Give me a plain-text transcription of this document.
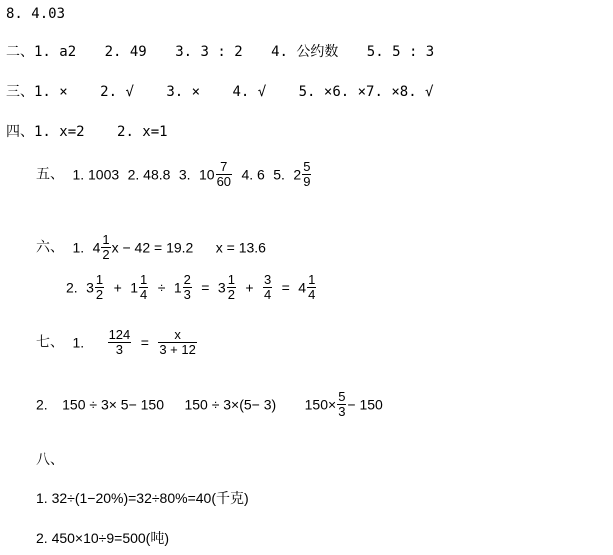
8. 4.03
二、1. a2 2. 49 3. 3 : 2 4. 公约数 5. 5 : 3
三、1. × 2. √ 3. × 4. √ 5. ×6. ×7. ×8. √
四、1. x=2 2. x=1
五、 1. 1003 2. 48.8 3. $10 \frac{7}{60} 4$. 6 5. $2 \frac{5}{9}$
六、 1. $4 \frac{1}{2}$ x − 42 = 19.2 x = 13.6
2. $3 \frac{1}{2} + 1 \frac{1}{4} \div 1 \frac{2}{3} = 3 \frac{1}{2} + \frac{3}{4} = 4 \frac{1}{4}$
七、 1. $\frac{124}{3} = \frac{x}{3 + 12}$
2. 150 ÷ 3× 5− 150 150 ÷ 3×(5− 3) $150\times \frac{5}{3} - 150$
八、
1. 32÷(1−20%)=32÷80%=40(千克)
2. 450×10÷9=500(吨)
